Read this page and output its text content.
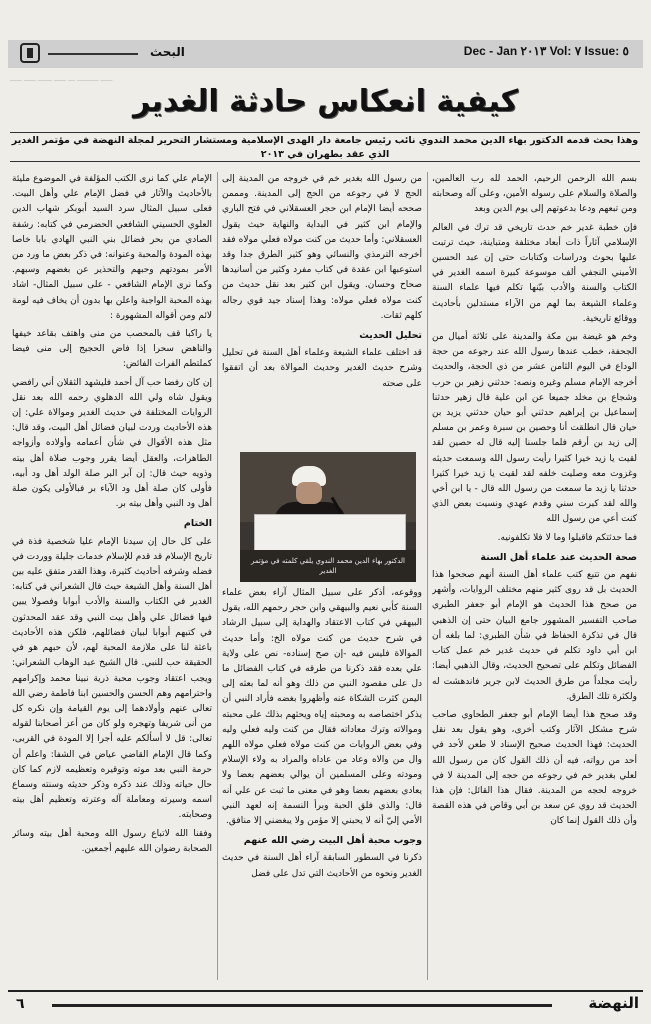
البحث	Dec - Jan ٢٠١٣ Vol: ٧ Issue: ٥
ـــــ ـــــــــ ـــ ـــــ ــــــ ـــــ ـــــ
كيفية انعكاس حادثة الغدير
وهذا بحث قدمه الدكتور بهاء الدين محمد الندوي نائب رئيس جامعة دار الهدى الإسلامية ومستشار التحرير لمجلة النهضة في مؤتمر الغدير الذي عقد بطهران في ٢٠١٣

بسم الله الرحمن الرحيم، الحمد لله رب العالمين، والصلاة والسلام على رسوله الأمين، وعلى آله وصحابته ومن تبعهم ودعا بدعوتهم إلى يوم الدين وبعد

فإن خطبة غدير خم حدث تاريخي قد ترك في العالم الإسلامي آثاراً ذات أبعاد مختلفة ومتباينة، حيث ترتبت عليها بحوث ودراسات وكتابات حتى إن عبد الحسين الأميني النجفي ألف موسوعة كبيرة اسمه الغدير في الكتاب والسنة والأدب بيّنها تكلم فيها علماء السنة وعلماء الشيعة بما لهم من الآراء مستدلين بأحاديث ووقائع تاريخية.

وخم هو غيضة بين مكة والمدينة على ثلاثة أميال من الجحفة، خطب عندها رسول الله عند رجوعه من حجة الوداع في اليوم الثامن عشر من ذي الحجة، والحديث أخرجه الإمام مسلم وغيره ونصه: حدثني زهير بن حرب وشجاع بن مخلد جميعا عن ابن علية قال زهير حدثنا إسماعيل بن إبراهيم حدثني أبو حيان حدثني يزيد بن حيان قال انطلقت أنا وحصين بن سبرة وعمر بن مسلم إلى زيد بن أرقم فلما جلسنا إليه قال له حصين لقد لقيت يا زيد خيرا كثيرا رأيت رسول الله وسمعت حديثه وغزوت معه وصليت خلفه لقد لقيت يا زيد خيرا كثيرا حدثنا يا زيد ما سمعت من رسول الله قال - يا ابن أخي والله لقد كبرت سني وقدم عهدي ونسيت بعض الذي كنت أعي من رسول الله

فما حدثتكم فاقبلوا وما لا فلا تكلفونيه.

صحة الحديث عند علماء أهل السنة

نفهم من تتبع كتب علماء أهل السنة أنهم صححوا هذا الحديث بل قد روى كثير منهم مختلف الروايات، وأشهر من صحح هذا الحديث هو الإمام أبو جعفر الطبري صاحب التفسير المشهور جامع البيان حتى إن الذهبي قال في تذكرة الحفاظ في شأن الطبري: لما بلغه أن ابن أبي داود تكلم في حديث غدير خم عمل كتاب الفضائل وتكلم على تصحيح الحديث، وقال الذهبي أيضا: رأيت مجلداً من طرق الحديث لابن جرير فاندهشت له ولكثرة تلك الطرق.

وقد صحح هذا أيضا الإمام أبو جعفر الطحاوي صاحب شرح مشكل الآثار وكتب أخرى، وهو يقول بعد نقل الحديث: فهذا الحديث صحيح الإسناد لا طعن لأحد في أحد من رواته، فيه أن ذلك القول كان من رسول الله لعلي بغدير خم في رجوعه من حجه إلى المدينة لا في خروجه لحجه من المدينة. فقال هذا القائل: فإن هذا الحديث قد روي عن سعد بن أبي وقاص في هذه القصة وأن ذلك القول إنما كان

من رسول الله بغدير خم في خروجه من المدينة إلى الحج لا في رجوعه من الحج إلى المدينة. ومممن صححه أيضا الإمام ابن حجر العسقلاني في فتح الباري والإمام ابن كثير في البداية والنهاية حيث يقول العسقلاني: وأما حديث من كنت مولاه فعلي مولاه فقد أخرجه الترمذي والنسائي وهو كثير الطرق جدا وقد استوعبها ابن عقدة في كتاب مفرد وكثير من أسانيدها صحاح وحسان. ويقول ابن كثير بعد نقل حديث من كنت مولاه فعلي مولاه: وهذا إسناد جيد قوي رجاله كلهم ثقات.

تحليل الحديث

قد اختلف علماء الشيعة وعلماء أهل السنة في تحليل وشرح حديث الغدير وحديث الموالاة بعد أن اتفقوا على صحته

ووقوعه، أذكر على سبيل المثال آراء بعض علماء السنة كأبي نعيم والبيهقي وابن حجر رحمهم الله، يقول البيهقي في كتاب الاعتقاد والهداية إلى سبيل الرشاد في شرح حديث من كنت مولاه الخ: وأما حديث الموالاة فليس فيه -إن صح إسناده- نص على ولاية علي بعده فقد ذكرنا من طرقه في كتاب الفضائل ما دل على مقصود النبي من ذلك وهو أنه لما بعثه إلى اليمن كثرت الشكاة عنه وأظهروا بغضه فأراد النبي أن يذكر اختصاصه به ومحبته إياه ويحثهم بذلك على محبته وموالاته وترك معاداته فقال من كنت وليه فعلي وليه وفي بعض الروايات من كنت مولاه فعلي مولاه اللهم وال من والاه وعاد من عاداه والمراد به ولاء الإسلام ومودته وعلى المسلمين أن يوالي بعضهم بعضا ولا يعادي بعضهم بعضا وهو في معنى ما ثبت عن علي أنه قال: والذي فلق الحبة وبرأ النسمة إنه لعهد النبي الأمي إليّ أنه لا يحبني إلا مؤمن ولا يبغضني إلا منافق.

وجوب محبة أهل البيت رضي الله عنهم

ذكرنا في السطور السابقة آراء أهل السنة في حديث الغدير ونحوه من الأحاديث التي تدل على فضل

الدكتور بهاء الدين محمد الندوي يلقي كلمته في مؤتمر الغدير

الإمام علي كما نرى الكتب المؤلفة في الموضوع مليئة بالأحاديث والآثار في فضل الإمام علي وأهل البيت. فعلى سبيل المثال سرد السيد أبوبكر شهاب الدين العلوي الحسيني الشافعي الحضرمي في كتابه: رشفة الصادي من بحر فضائل بني النبي الهادي بابا خاصا بهذه المودة والمحبة وعنوانه: في ذكر بعض ما ورد من الأمر بمودتهم وحبهم والتحذير عن بغضهم وسبهم. وكما نرى الإمام الشافعي - على سبيل المثال- اشاد بهذه المحبة الواجبة واعلن بها بدون أن يخاف فيه لومة لائم ومن أقواله المشهورة :

يا راكبا قف بالمحصب من منى واهتف بقاعد خيفها والناهض سحرا إذا فاض الحجيج إلى منى فيضا كملتطم الفرات الفائض:

إن كان رفضا حب آل أحمد فليشهد الثقلان أني رافضي ويقول شاه ولي الله الدهلوي رحمه الله بعد نقل الروايات المختلفة في حديث الغدير وموالاة علي: إن هذه الأحاديث وردت لبيان فضائل أهل البيت، وقد قال: مثل هذه الأقوال في شأن أعمامه وأولاده وأزواجه الطاهرات، والعقل أيضا يقرر وجوب صلاة أهل بيته وذويه حيث قال: إن آبر البر صلة الولد أهل ود أبيه، فأولى كان صلة أهل ود الآباء بر فبالأولى يكون صلة أهل ود النبي وأهل بيته بر.

الختام

على كل حال إن سيدنا الإمام عليا شخصية فذة في تاريخ الإسلام قد قدم للإسلام خدمات جليلة ووردت في فضله وشرفه أحاديث كثيرة، وهذا القدر متفق عليه بين أهل السنة وأهل الشيعة حيث قال الشعراني في كتابه: الغدير في الكتاب والسنة والأدب أبوابا وفصولا يبين فيها فضائل علي وأهل بيت النبي وقد عقد المحدثون في كتبهم أبوابا لبيان فضائلهم، فلكن هذه الأحاديث باعثة لنا على ملازمة المحبة لهم، لأن حبهم هو في الحقيقة حب للنبي. قال الشيخ عبد الوهاب الشعراني: ويجب اعتقاد وجوب محبة ذرية نبينا محمد وإكرامهم واحترامهم وهم الحسن والحسين ابنا فاطمة رضي الله تعالى عنهم وأولادهما إلى يوم القيامة وإن نكره كل من أنى شريفا وتهجره ولو كان من أعز أصحابنا لقوله تعالى: قل لا أسألكم عليه أجرا إلا المودة في القربى، وكما قال الإمام القاضي عياض في الشفا: واعلم أن حرمة النبي بعد موته وتوقيره وتعظيمه لازم كما كان حال حياته وذلك عند ذكره وذكر حديثه وسنته وسماع اسمه وسيرته ومعاملة آله وعترته وتعظيم أهل بيته وصحابته.

وفقنا الله لاتباع رسول الله ومحبة أهل بيته وسائر الصحابة رضوان الله عليهم أجمعين.

٦	النهضة
